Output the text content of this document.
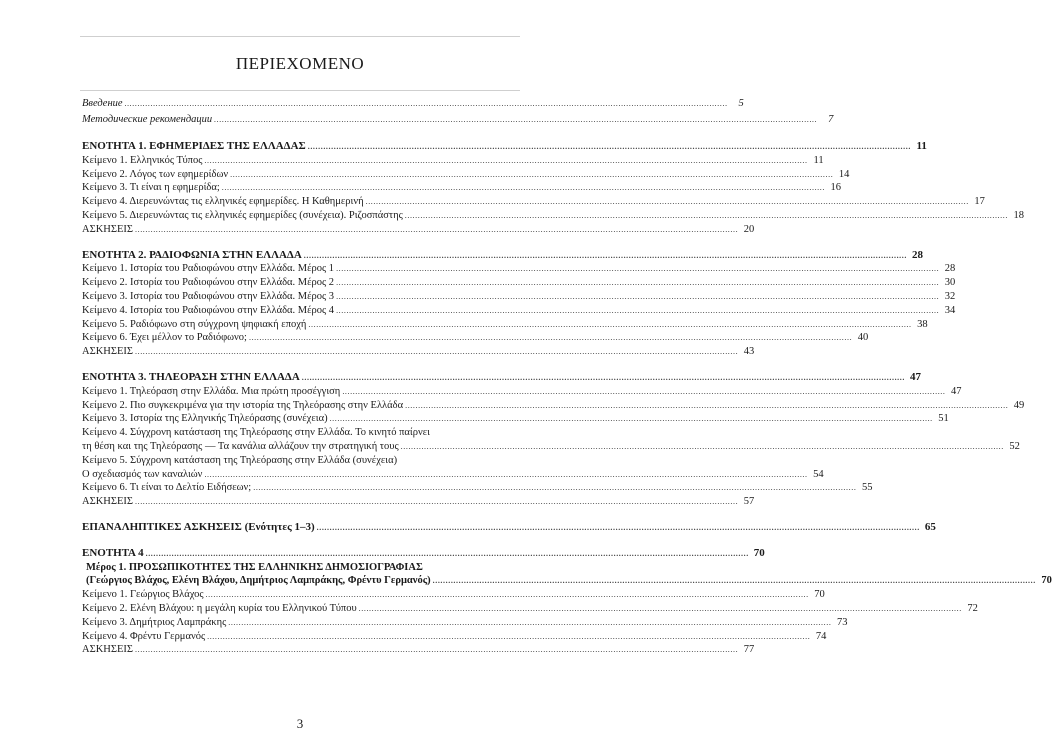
ΠΕΡΙΕΧΟΜΕΝΟ
Введение .....	5
Методические рекомендации .....	7
ΕΝΟΤΗΤΑ 1. ΕΦΗΜΕΡΙΔΕΣ ΤΗΣ ΕΛΛΑΔΑΣ .....	11
Κείμενο 1. Ελληνικός Τύπος .....	11
Κείμενο 2. Λόγος των εφημερίδων .....	14
Κείμενο 3. Τι είναι η εφημερίδα; .....	16
Κείμενο 4. Διερευνώντας τις ελληνικές εφημερίδες. Η Καθημερινή .....	17
Κείμενο 5. Διερευνώντας τις ελληνικές εφημερίδες (συνέχεια). Ριζοσπάστης .....	18
ΑΣΚΗΣΕΙΣ .....	20
ΕΝΟΤΗΤΑ 2. ΡΑΔΙΟΦΩΝΙΑ ΣΤΗΝ ΕΛΛΑΔΑ .....	28
Κείμενο 1. Ιστορία του Ραδιοφώνου στην Ελλάδα. Μέρος 1 .....	28
Κείμενο 2. Ιστορία του Ραδιοφώνου στην Ελλάδα. Μέρος 2 .....	30
Κείμενο 3. Ιστορία του Ραδιοφώνου στην Ελλάδα. Μέρος 3 .....	32
Κείμενο 4. Ιστορία του Ραδιοφώνου στην Ελλάδα. Μέρος 4 .....	34
Κείμενο 5. Ραδιόφωνο στη σύγχρονη ψηφιακή εποχή .....	38
Κείμενο 6. Έχει μέλλον το Ραδιόφωνο; .....	40
ΑΣΚΗΣΕΙΣ .....	43
ΕΝΟΤΗΤΑ 3. ΤΗΛΕΟΡΑΣΗ ΣΤΗΝ ΕΛΛΑΔΑ .....	47
Κείμενο 1. Τηλεόραση στην Ελλάδα. Μια πρώτη προσέγγιση .....	47
Κείμενο 2. Πιο συγκεκριμένα για την ιστορία της Τηλεόρασης στην Ελλάδα .....	49
Κείμενο 3. Ιστορία της Ελληνικής Τηλεόρασης (συνέχεια) .....	51
Κείμενο 4. Σύγχρονη κατάσταση της Τηλεόρασης στην Ελλάδα. Το κινητό παίρνει
τη θέση και της Τηλεόρασης — Τα κανάλια αλλάζουν την στρατηγική τους .....	52
Κείμενο 5. Σύγχρονη κατάσταση της Τηλεόρασης στην Ελλάδα (συνέχεια)
Ο σχεδιασμός των καναλιών .....	54
Κείμενο 6. Τι είναι το Δελτίο Ειδήσεων; .....	55
ΑΣΚΗΣΕΙΣ .....	57
ΕΠΑΝΑΛΗΠΤΙΚΕΣ ΑΣΚΗΣΕΙΣ (Ενότητες 1–3) .....	65
ΕΝΟΤΗΤΑ 4 .....	70
Μέρος 1. ΠΡΟΣΩΠΙΚΟΤΗΤΕΣ ΤΗΣ ΕΛΛΗΝΙΚΗΣ ΔΗΜΟΣΙΟΓΡΑΦΙΑΣ
(Γεώργιος Βλάχος, Ελένη Βλάχου, Δημήτριος Λαμπράκης, Φρέντυ Γερμανός) .....	70
Κείμενο 1. Γεώργιος Βλάχος .....	70
Κείμενο 2. Ελένη Βλάχου: η μεγάλη κυρία του Ελληνικού Τύπου .....	72
Κείμενο 3. Δημήτριος Λαμπράκης .....	73
Κείμενο 4. Φρέντυ Γερμανός .....	74
ΑΣΚΗΣΕΙΣ .....	77
3
